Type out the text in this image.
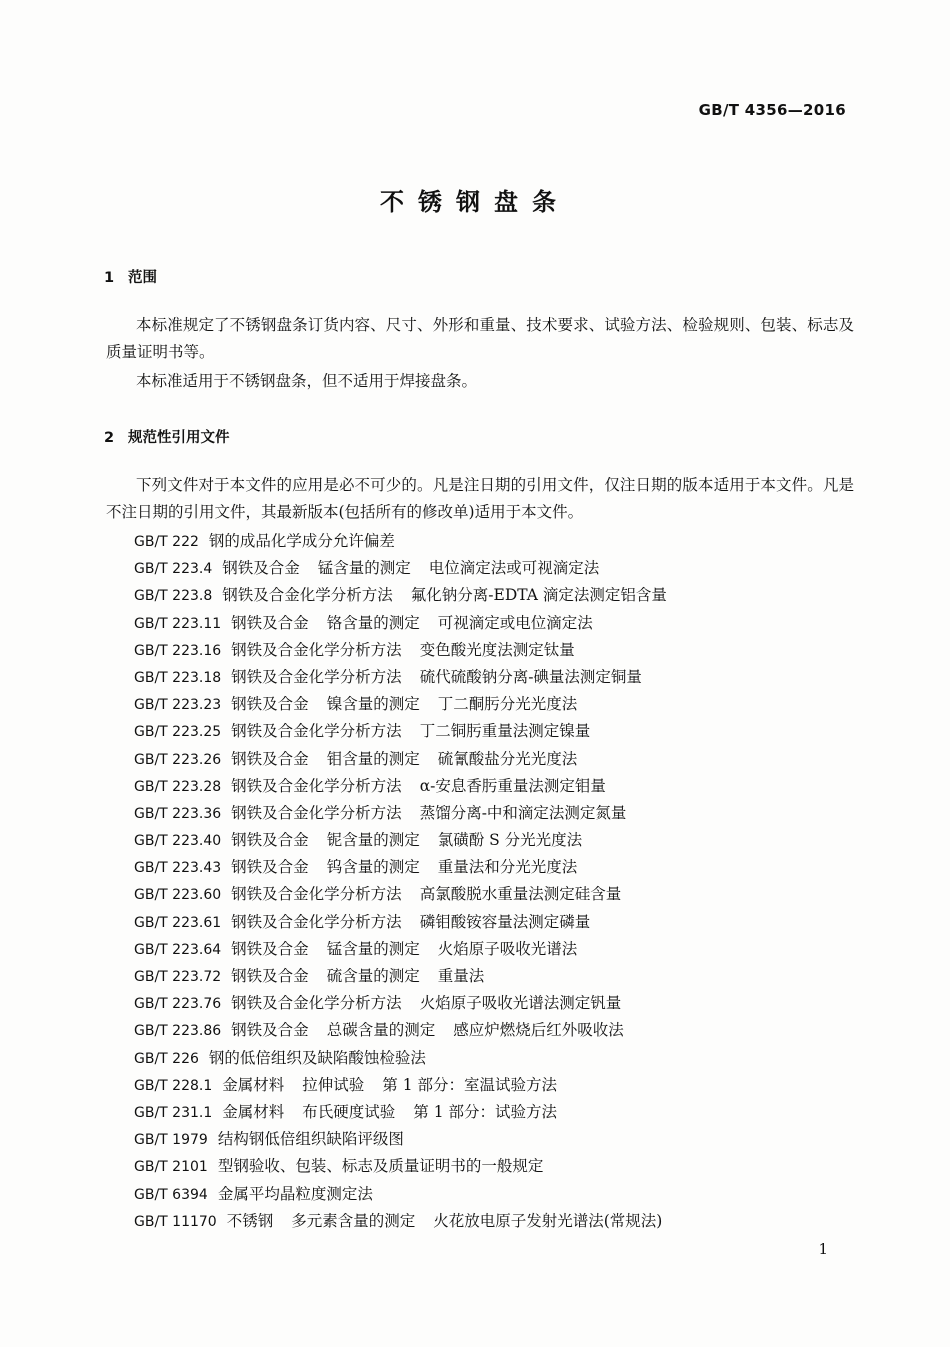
GB/T 4356—2016
不锈钢盘条
1 范围
本标准规定了不锈钢盘条订货内容、尺寸、外形和重量、技术要求、试验方法、检验规则、包装、标志及质量证明书等。
本标准适用于不锈钢盘条，但不适用于焊接盘条。
2 规范性引用文件
下列文件对于本文件的应用是必不可少的。凡是注日期的引用文件，仅注日期的版本适用于本文件。凡是不注日期的引用文件，其最新版本(包括所有的修改单)适用于本文件。
GB/T 222 钢的成品化学成分允许偏差
GB/T 223.4 钢铁及合金 锰含量的测定 电位滴定法或可视滴定法
GB/T 223.8 钢铁及合金化学分析方法 氟化钠分离-EDTA 滴定法测定铝含量
GB/T 223.11 钢铁及合金 铬含量的测定 可视滴定或电位滴定法
GB/T 223.16 钢铁及合金化学分析方法 变色酸光度法测定钛量
GB/T 223.18 钢铁及合金化学分析方法 硫代硫酸钠分离-碘量法测定铜量
GB/T 223.23 钢铁及合金 镍含量的测定 丁二酮肟分光光度法
GB/T 223.25 钢铁及合金化学分析方法 丁二铜肟重量法测定镍量
GB/T 223.26 钢铁及合金 钼含量的测定 硫氰酸盐分光光度法
GB/T 223.28 钢铁及合金化学分析方法 α-安息香肟重量法测定钼量
GB/T 223.36 钢铁及合金化学分析方法 蒸馏分离-中和滴定法测定氮量
GB/T 223.40 钢铁及合金 铌含量的测定 氯磺酚 S 分光光度法
GB/T 223.43 钢铁及合金 钨含量的测定 重量法和分光光度法
GB/T 223.60 钢铁及合金化学分析方法 高氯酸脱水重量法测定硅含量
GB/T 223.61 钢铁及合金化学分析方法 磷钼酸铵容量法测定磷量
GB/T 223.64 钢铁及合金 锰含量的测定 火焰原子吸收光谱法
GB/T 223.72 钢铁及合金 硫含量的测定 重量法
GB/T 223.76 钢铁及合金化学分析方法 火焰原子吸收光谱法测定钒量
GB/T 223.86 钢铁及合金 总碳含量的测定 感应炉燃烧后红外吸收法
GB/T 226 钢的低倍组织及缺陷酸蚀检验法
GB/T 228.1 金属材料 拉伸试验 第 1 部分：室温试验方法
GB/T 231.1 金属材料 布氏硬度试验 第 1 部分：试验方法
GB/T 1979 结构钢低倍组织缺陷评级图
GB/T 2101 型钢验收、包装、标志及质量证明书的一般规定
GB/T 6394 金属平均晶粒度测定法
GB/T 11170 不锈钢 多元素含量的测定 火花放电原子发射光谱法(常规法)
1
